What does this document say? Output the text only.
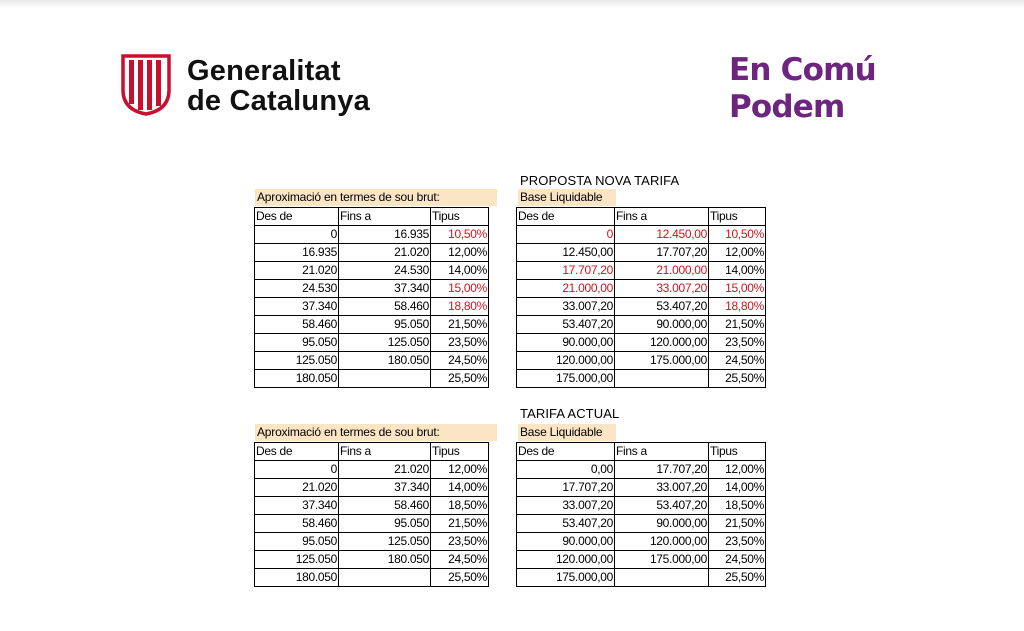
Generalitat
de Catalunya
En Comú
Podem
PROPOSTA NOVA TARIFA
Aproximació en termes de sou brut:	Base Liquidable
Des de	Fins a	Tipus
0	16.935	10,50%
16.935	21.020	12,00%
21.020	24.530	14,00%
24.530	37.340	15,00%
37.340	58.460	18,80%
58.460	95.050	21,50%
95.050	125.050	23,50%
125.050	180.050	24,50%
180.050		25,50%
Des de	Fins a	Tipus
0	12.450,00	10,50%
12.450,00	17.707,20	12,00%
17.707,20	21.000,00	14,00%
21.000,00	33.007,20	15,00%
33.007,20	53.407,20	18,80%
53.407,20	90.000,00	21,50%
90.000,00	120.000,00	23,50%
120.000,00	175.000,00	24,50%
175.000,00		25,50%
TARIFA ACTUAL
Aproximació en termes de sou brut:	Base Liquidable
Des de	Fins a	Tipus
0	21.020	12,00%
21.020	37.340	14,00%
37.340	58.460	18,50%
58.460	95.050	21,50%
95.050	125.050	23,50%
125.050	180.050	24,50%
180.050		25,50%
Des de	Fins a	Tipus
0,00	17.707,20	12,00%
17.707,20	33.007,20	14,00%
33.007,20	53.407,20	18,50%
53.407,20	90.000,00	21,50%
90.000,00	120.000,00	23,50%
120.000,00	175.000,00	24,50%
175.000,00		25,50%
